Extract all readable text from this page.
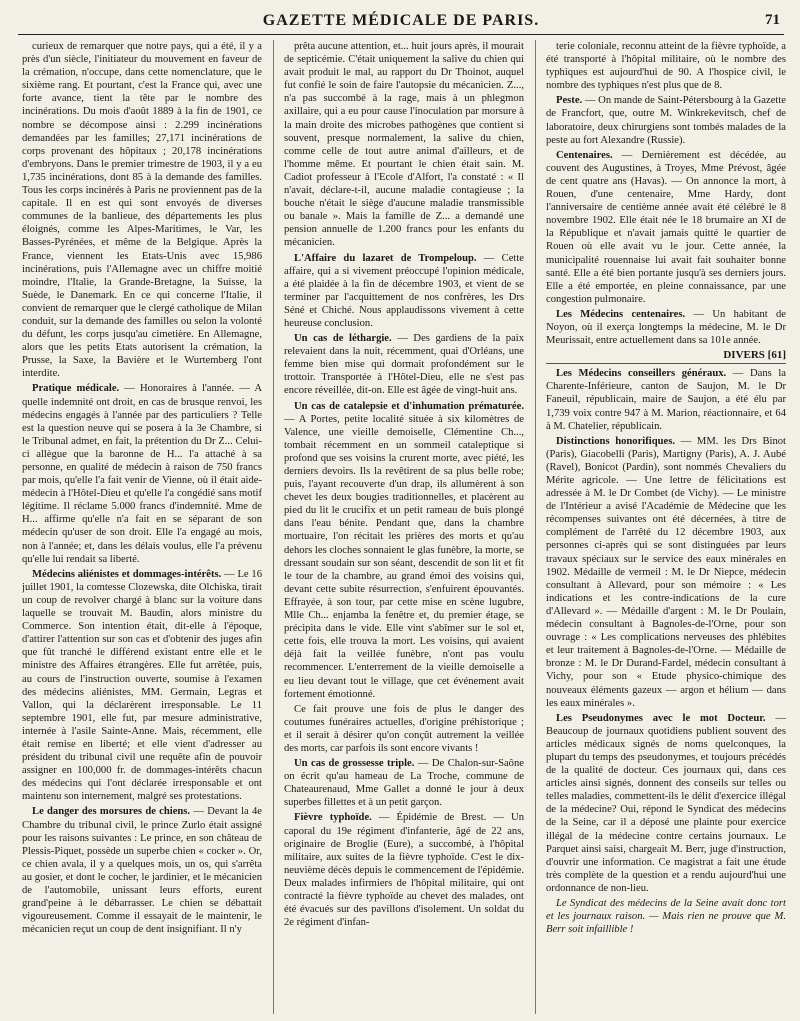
GAZETTE MÉDICALE DE PARIS.	71

curieux de remarquer que notre pays, qui a été, il y a près d'un siècle, l'initiateur du mouvement en faveur de la crémation, n'occupe, dans cette nomenclature, que le sixième rang. Et pourtant, c'est la France qui, avec une forte avance, tient la tête par le nombre des incinérations. Du mois d'août 1889 à la fin de 1901, ce nombre se décompose ainsi : 2.299 incinérations demandées par les familles; 27,171 incinérations de corps provenant des hôpitaux ; 20,178 incinérations d'embryons. Dans le premier trimestre de 1903, il y a eu 1,735 incinérations, dont 85 à la demande des familles. Tous les corps incinérés à Paris ne proviennent pas de la capitale. Il en est qui sont envoyés de diverses communes de la banlieue, des départements les plus éloignés, comme les Alpes-Maritimes, le Var, les Basses-Pyrénées, et même de la Belgique. Après la France, viennent les Etats-Unis avec 15,986 incinérations, puis l'Allemagne avec un chiffre moitié moindre, l'Italie, la Grande-Bretagne, la Suisse, la Suède, le Danemark. En ce qui concerne l'Italie, il convient de remarquer que le clergé catholique de Milan conduit, sur la demande des familles ou selon la volonté du défunt, les corps jusqu'au cimetière. En Allemagne, alors que les petits Etats autorisent la crémation, la Prusse, la Saxe, la Bavière et le Wurtemberg l'ont interdite.

Pratique médicale. — Honoraires à l'année. — A quelle indemnité ont droit, en cas de brusque renvoi, les médecins engagés à l'année par des particuliers ? Telle est la question neuve qui se posera à la 3e Chambre, si le Tribunal admet, en fait, la prétention du Dr Z... Celui-ci allègue que la baronne de H... l'a attaché à sa personne, en qualité de médecin à raison de 750 francs par mois, qu'elle l'a fait venir de Vienne, où il était aide-médecin à l'Hôtel-Dieu et qu'elle l'a congédié sans motif légitime. Il réclame 5.000 francs d'indemnité. Mme de H... affirme qu'elle n'a fait en se séparant de son médecin qu'user de son droit. Elle l'a engagé au mois, non à l'année; et, dans les délais voulus, elle l'a prévenu qu'elle lui rendait sa liberté.

Médecins aliénistes et dommages-intérêts. — Le 16 juillet 1901, la comtesse Clozewska, dite Olchiska, tirait un coup de revolver chargé à blanc sur la voiture dans laquelle se trouvait M. Baudin, alors ministre du Commerce. Son intention était, dit-elle à l'époque, d'attirer l'attention sur son cas et d'obtenir des juges afin que fût tranché le différend existant entre elle et le ministre des Affaires étrangères. Elle fut arrêtée, puis, au cours de l'instruction ouverte, soumise à l'examen des médecins aliénistes, MM. Germain, Legras et Vallon, qui la déclarèrent irresponsable. Le 11 septembre 1901, elle fut, par mesure administrative, internée à l'asile Sainte-Anne. Mais, récemment, elle était remise en liberté; et elle vient d'adresser au président du tribunal civil une requête afin de pouvoir assigner en 100,000 fr. de dommages-intérêts chacun des médecins qui l'ont déclarée irresponsable et ont maintenu son internement, malgré ses protestations.

Le danger des morsures de chiens. — Devant la 4e Chambre du tribunal civil, le prince Zurlo était assigné pour les raisons suivantes : Le prince, en son château de Plessis-Piquet, possède un superbe chien « cocker ». Or, ce chien avala, il y a quelques mois, un os, qui s'arrêta au gosier, et dont le cocher, le jardinier, et le mécanicien de l'automobile, unissant leurs efforts, eurent grand'peine à le débarrasser. Le chien se débattait vigoureusement. Comme il essayait de le maintenir, le mécanicien reçut un coup de dent insignifiant. Il n'y

prêta aucune attention, et... huit jours après, il mourait de septicémie. C'était uniquement la salive du chien qui avait produit le mal, au rapport du Dr Thoinot, auquel fut confié le soin de faire l'autopsie du mécanicien. Z..., n'a pas succombé à la rage, mais à un phlegmon axillaire, qui a eu pour cause l'inoculation par morsure à la main droite des microbes pathogènes que contient si souvent, presque normalement, la salive du chien, comme celle de tout autre animal d'ailleurs, et de l'homme même. Et pourtant le chien était sain. M. Cadiot professeur à l'Ecole d'Alfort, l'a constaté : « Il n'avait, déclare-t-il, aucune maladie contagieuse ; la bouche n'était le siège d'aucune maladie transmissible ou banale ». Mais la famille de Z... a demandé une pension annuelle de 1.200 francs pour les enfants du mécanicien.

L'Affaire du lazaret de Trompeloup. — Cette affaire, qui a si vivement préoccupé l'opinion médicale, a été plaidée à la fin de décembre 1903, et vient de se terminer par l'acquittement de nos confrères, les Drs Séné et Chiché. Nous applaudissons vivement à cette heureuse conclusion.

Un cas de léthargie. — Des gardiens de la paix relevaient dans la nuit, récemment, quai d'Orléans, une femme bien mise qui dormait profondément sur le trottoir. Transportée à l'Hôtel-Dieu, elle ne s'est pas encore réveillée, dit-on. Elle est âgée de vingt-huit ans.

Un cas de catalepsie et d'inhumation prématurée. — A Portes, petite localité située à six kilomètres de Valence, une vieille demoiselle, Clémentine Ch..., tombait récemment en un sommeil cataleptique si profond que ses voisins la crurent morte, avec piété, les derniers devoirs. Ils la revêtirent de sa plus belle robe; puis, l'ayant recouverte d'un drap, ils allumèrent à son chevet les deux bougies traditionnelles, et placèrent au pied du lit le crucifix et un petit rameau de buis plongé dans l'eau bénite. Pendant que, dans la chambre mortuaire, l'on récitait les prières des morts et qu'au dehors les cloches sonnaient le glas funèbre, la morte, se dressant soudain sur son séant, descendit de son lit et fit le tour de la chambre, au grand émoi des voisins qui, devant cette subite résurrection, s'enfuirent épouvantés. Effrayée, à son tour, par cette mise en scène lugubre, Mlle Ch... enjamba la fenêtre et, du premier étage, se précipita dans le vide. Elle vint s'abîmer sur le sol et, cette fois, elle trouva la mort. Les voisins, qui avaient déjà fait la veillée funèbre, n'ont pas voulu recommencer. L'enterrement de la vieille demoiselle a eu lieu devant tout le village, que cet événement avait fortement émotionné.

Ce fait prouve une fois de plus le danger des coutumes funéraires actuelles, d'origine préhistorique ; et il serait à désirer qu'on conçût autrement la veillée des morts, car parfois ils sont encore vivants !

Un cas de grossesse triple. — De Chalon-sur-Saône on écrit qu'au hameau de La Troche, commune de Chateaurenaud, Mme Gallet a donné le jour à deux superbes fillettes et à un petit garçon.

Fièvre typhoïde. — Épidémie de Brest. — Un caporal du 19e régiment d'infanterie, âgé de 22 ans, originaire de Broglie (Eure), a succombé, à l'hôpital militaire, aux suites de la fièvre typhoïde. C'est le dix-neuvième décès depuis le commencement de l'épidémie. Deux malades infirmiers de l'hôpital militaire, qui ont contracté la fièvre typhoïde au chevet des malades, ont été évacués sur des pavillons d'isolement. Un soldat du 2e régiment d'infan-

terie coloniale, reconnu atteint de la fièvre typhoïde, a été transporté à l'hôpital militaire, où le nombre des typhiques est aujourd'hui de 90. A l'hospice civil, le nombre des typhiques n'est plus que de 8.

Peste. — On mande de Saint-Pétersbourg à la Gazette de Francfort, que, outre M. Winkrekevitsch, chef de laboratoire, deux chirurgiens sont tombés malades de la peste au fort Alexandre (Russie).

Centenaires. — Dernièrement est décédée, au couvent des Augustines, à Troyes, Mme Prévost, âgée de cent quatre ans (Havas). — On annonce la mort, à Rouen, d'une centenaire, Mme Hardy, dont l'anniversaire de centième année avait été célébré le 8 novembre 1902. Elle était née le 18 brumaire an XI de la République et n'avait jamais quitté le quartier de Rouen où elle avait vu le jour. Cette année, la municipalité rouennaise lui avait fait souhaiter bonne santé. Elle a été bien portante jusqu'à ses derniers jours. Elle a été emportée, en pleine connaissance, par une congestion pulmonaire.

Les Médecins centenaires. — Un habitant de Noyon, où il exerça longtemps la médecine, M. le Dr Meurissait, entre actuellement dans sa 101e année.

DIVERS [61]

Les Médecins conseillers généraux. — Dans la Charente-Inférieure, canton de Saujon, M. le Dr Faneuil, républicain, maire de Saujon, a été élu par 1,739 voix contre 947 à M. Marion, réactionnaire, et 64 à M. Chatelier, républicain.

Distinctions honorifiques. — MM. les Drs Binot (Paris), Giacobelli (Paris), Martigny (Paris), A. J. Aubé (Ravel), Bonicot (Pardin), sont nommés Chevaliers du Mérite agricole. — Une lettre de félicitations est adressée à M. le Dr Combet (de Vichy). — Le ministre de l'Intérieur a avisé l'Académie de Médecine que les récompenses suivantes ont été décernées, à titre de complément de l'arrêté du 12 décembre 1903, aux personnes ci-après qui se sont distinguées par leurs travaux spéciaux sur le service des eaux minérales en 1902. Médaille de vermeil : M. le Dr Niepce, médecin consultant à Allevard, pour son mémoire : « Les indications et les contre-indications de la cure d'Allevard ». — Médaille d'argent : M. le Dr Poulain, médecin consultant à Bagnoles-de-l'Orne, pour son ouvrage : « Les complications nerveuses des phlébites et leur traitement à Bagnoles-de-l'Orne. — Médaille de bronze : M. le Dr Durand-Fardel, médecin consultant à Vichy, pour son « Etude physico-chimique des nouveaux éléments gazeux — argon et hélium — dans les eaux minérales ».

Les Pseudonymes avec le mot Docteur. — Beaucoup de journaux quotidiens publient souvent des articles médicaux signés de noms quelconques, la plupart du temps des pseudonymes, et toujours précédés de la qualité de docteur. Ces journaux qui, dans ces articles ainsi signés, donnent des conseils sur telles ou telles maladies, commettent-ils le délit d'exercice illégal de la médecine? Oui, répond le Syndicat des médecins de la Seine, car il a déposé une plainte pour exercice illégal de la médecine contre certains journaux. Le Parquet ainsi saisi, chargeait M. Berr, juge d'instruction, d'ouvrir une information. Ce magistrat a fait une étude très complète de la question et a rendu aujourd'hui une ordonnance de non-lieu.

Le Syndicat des médecins de la Seine avait donc tort et les journaux raison. — Mais rien ne prouve que M. Berr soit infaillible !
